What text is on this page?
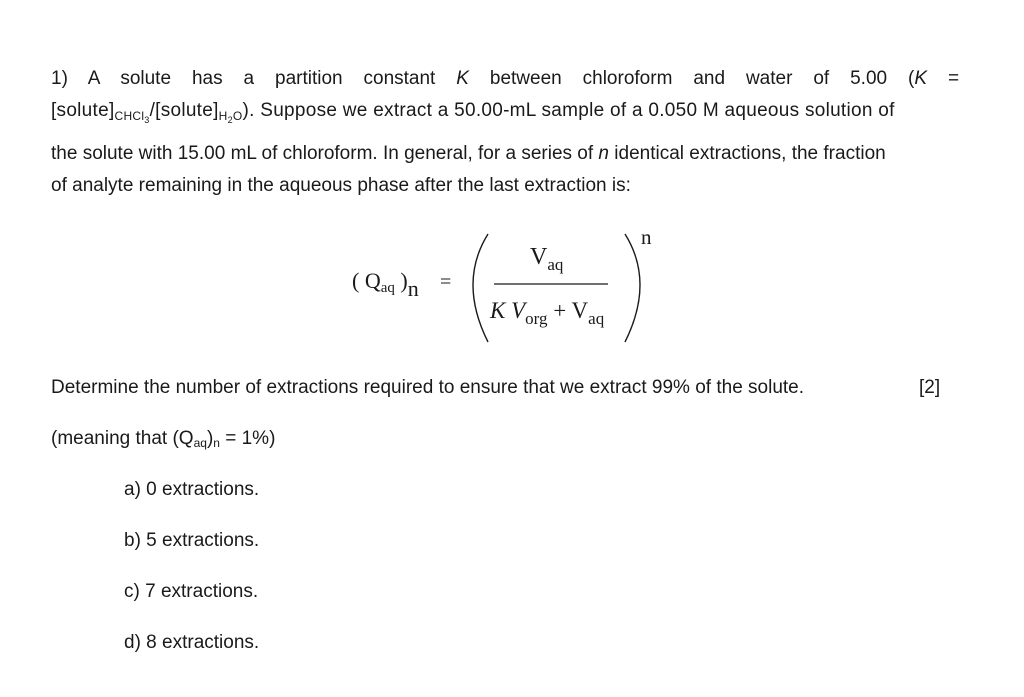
1) A solute has a partition constant K between chloroform and water of 5.00 (K =
$[solute]_{CHCl_3}/[solute]_{H_2O}$). Suppose we extract a 50.00-mL sample of a 0.050 M aqueous solution of
the solute with 15.00 mL of chloroform. In general, for a series of n identical extractions, the fraction
of analyte remaining in the aqueous phase after the last extraction is:
( Qaq )n =
$V_{aq}$
K $V_{org} + V_{aq}$
n
Determine the number of extractions required to ensure that we extract 99% of the solute.	[2]
(meaning that (Qaq)n = 1%)
a) 0 extractions.
b) 5 extractions.
c) 7 extractions.
d) 8 extractions.
